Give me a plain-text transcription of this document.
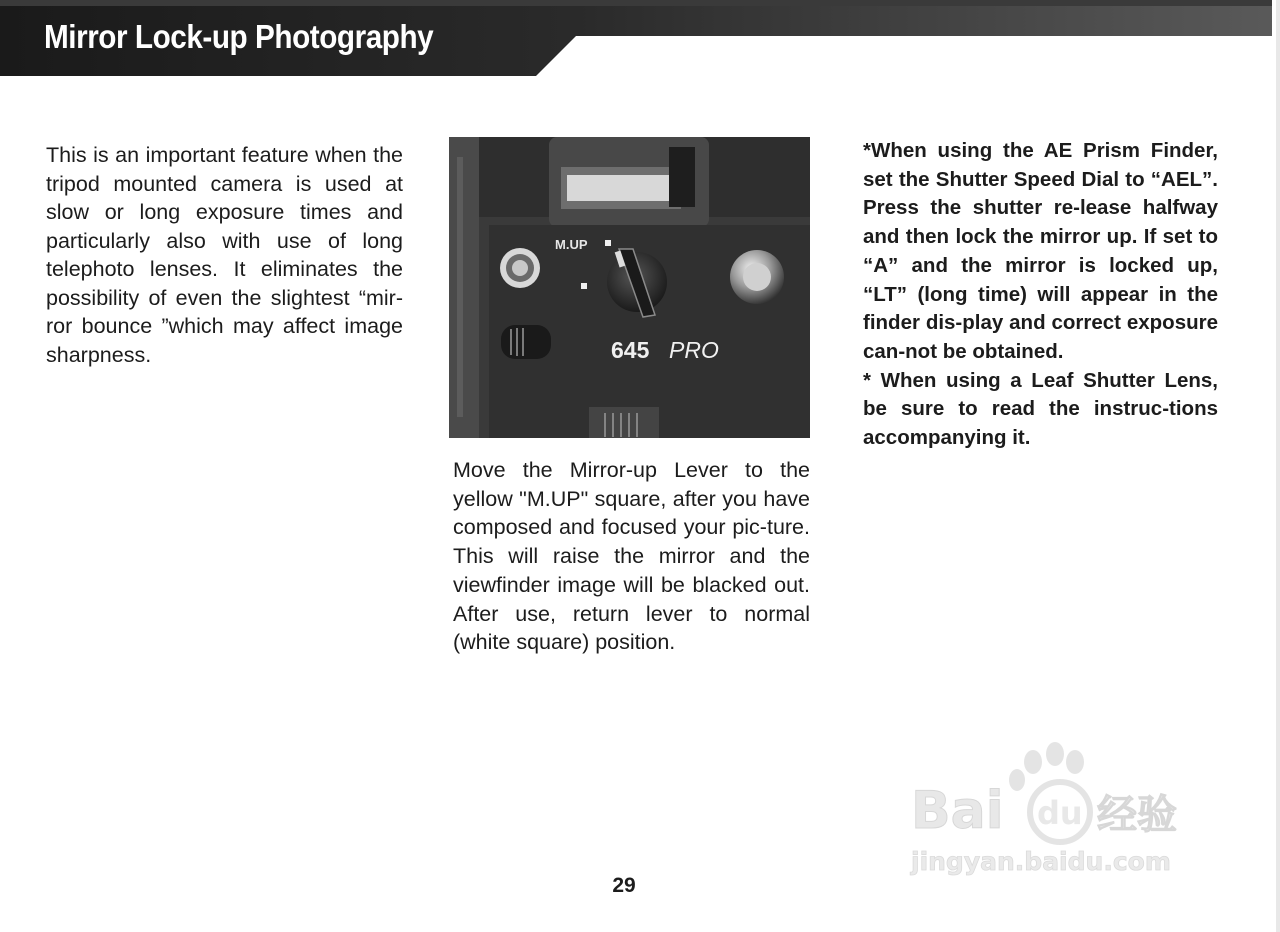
Mirror Lock-up Photography

This is an important feature when the tripod mounted camera is used at slow or long exposure times and particularly also with use of long telephoto lenses. It eliminates the possibility of even the slightest “mir-ror bounce ”which may affect image sharpness.

M.UP
645 PRO

Move the Mirror-up Lever to the yellow "M.UP" square, after you have composed and focused your pic-ture. This will raise the mirror and the viewfinder image will be blacked out. After use, return lever to normal (white square) position.

*When using the AE Prism Finder, set the Shutter Speed Dial to “AEL”. Press the shutter re-lease halfway and then lock the mirror up. If set to “A” and the mirror is locked up, “LT” (long time) will appear in the finder dis-play and correct exposure can-not be obtained.

* When using a Leaf Shutter Lens, be sure to read the instruc-tions accompanying it.

29
Bai du 经验
jingyan.baidu.com
